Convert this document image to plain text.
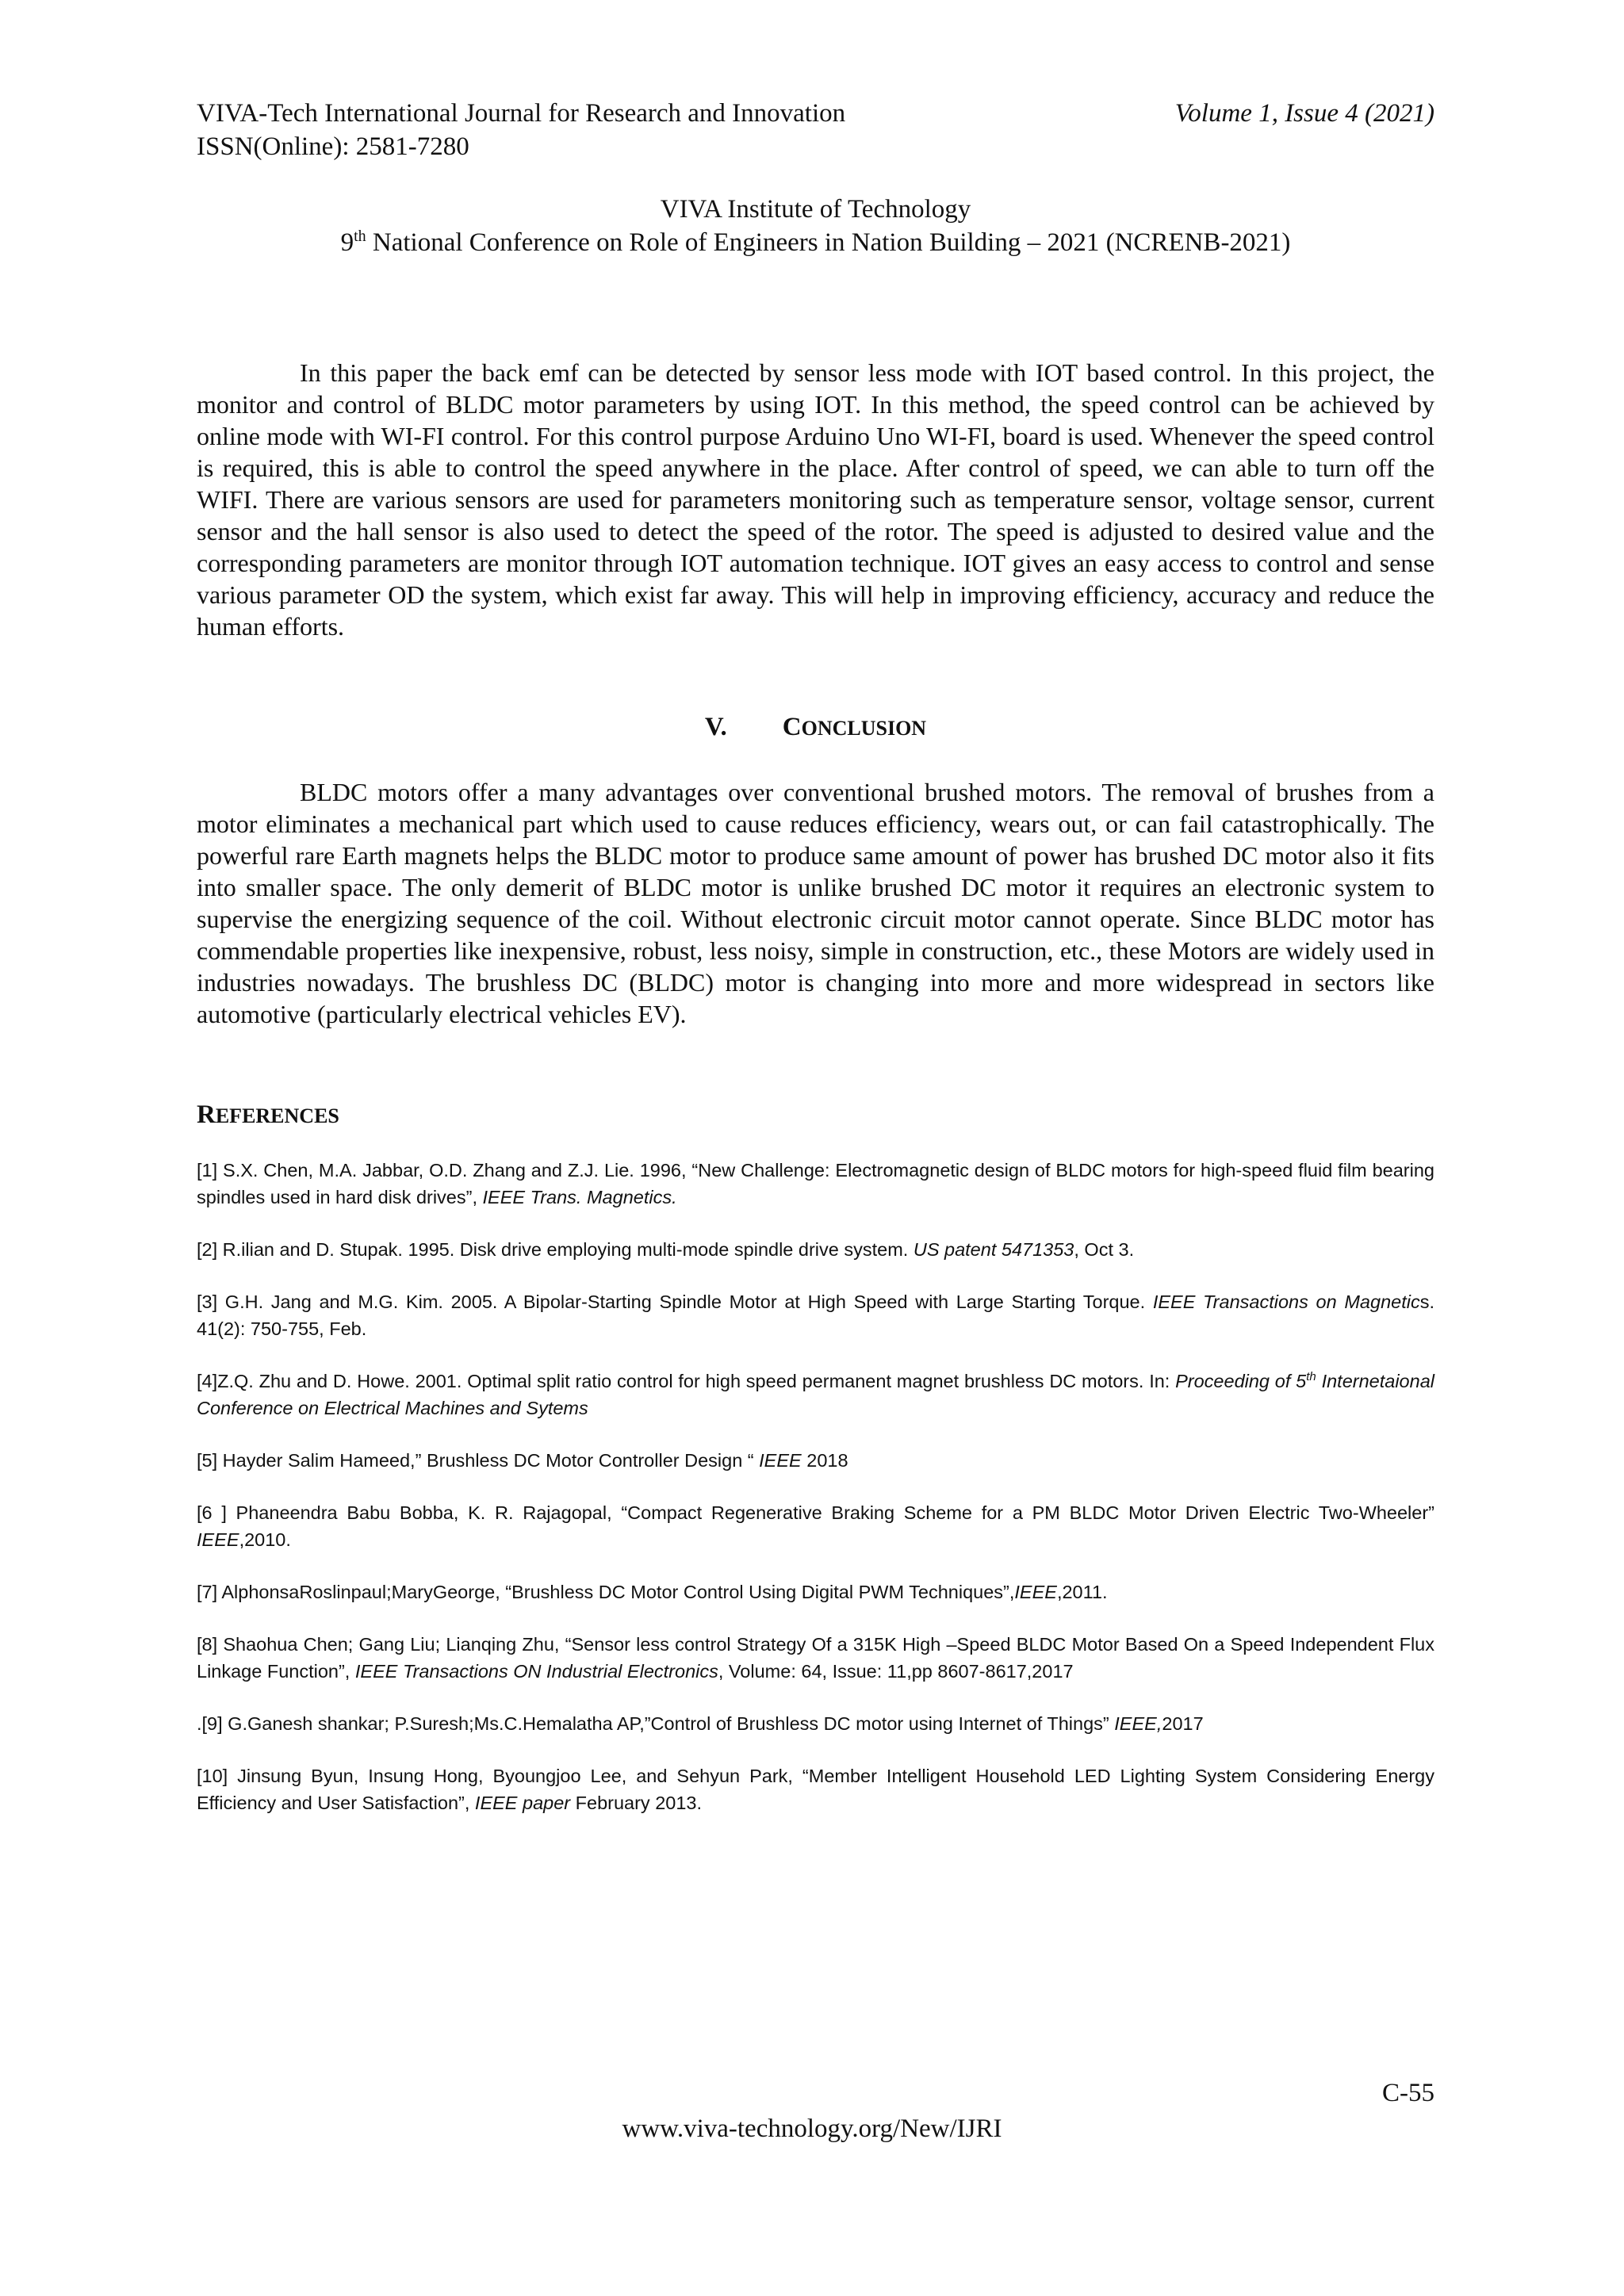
VIVA-Tech International Journal for Research and Innovation
ISSN(Online): 2581-7280
Volume 1, Issue 4 (2021)
VIVA Institute of Technology
9th National Conference on Role of Engineers in Nation Building – 2021 (NCRENB-2021)

In this paper the back emf can be detected by sensor less mode with IOT based control. In this project, the monitor and control of BLDC motor parameters by using IOT. In this method, the speed control can be achieved by online mode with WI-FI control. For this control purpose Arduino Uno WI-FI, board is used. Whenever the speed control is required, this is able to control the speed anywhere in the place. After control of speed, we can able to turn off the WIFI. There are various sensors are used for parameters monitoring such as temperature sensor, voltage sensor, current sensor and the hall sensor is also used to detect the speed of the rotor. The speed is adjusted to desired value and the corresponding parameters are monitor through IOT automation technique. IOT gives an easy access to control and sense various parameter OD the system, which exist far away. This will help in improving efficiency, accuracy and reduce the human efforts.

V. CONCLUSION

BLDC motors offer a many advantages over conventional brushed motors. The removal of brushes from a motor eliminates a mechanical part which used to cause reduces efficiency, wears out, or can fail catastrophically. The powerful rare Earth magnets helps the BLDC motor to produce same amount of power has brushed DC motor also it fits into smaller space. The only demerit of BLDC motor is unlike brushed DC motor it requires an electronic system to supervise the energizing sequence of the coil. Without electronic circuit motor cannot operate. Since BLDC motor has commendable properties like inexpensive, robust, less noisy, simple in construction, etc., these Motors are widely used in industries nowadays. The brushless DC (BLDC) motor is changing into more and more widespread in sectors like automotive (particularly electrical vehicles EV).

REFERENCES

[1] S.X. Chen, M.A. Jabbar, O.D. Zhang and Z.J. Lie. 1996, “New Challenge: Electromagnetic design of BLDC motors for high-speed fluid film bearing spindles used in hard disk drives”, IEEE Trans. Magnetics.

[2] R.ilian and D. Stupak. 1995. Disk drive employing multi-mode spindle drive system. US patent 5471353, Oct 3.

[3] G.H. Jang and M.G. Kim. 2005. A Bipolar-Starting Spindle Motor at High Speed with Large Starting Torque. IEEE Transactions on Magnetics. 41(2): 750-755, Feb.

[4]Z.Q. Zhu and D. Howe. 2001. Optimal split ratio control for high speed permanent magnet brushless DC motors. In: Proceeding of 5th Internetaional Conference on Electrical Machines and Sytems

[5] Hayder Salim Hameed,” Brushless DC Motor Controller Design “ IEEE 2018

[6 ] Phaneendra Babu Bobba, K. R. Rajagopal, “Compact Regenerative Braking Scheme for a PM BLDC Motor Driven Electric Two-Wheeler” IEEE,2010.

[7] AlphonsaRoslinpaul;MaryGeorge, “Brushless DC Motor Control Using Digital PWM Techniques”,IEEE,2011.

[8] Shaohua Chen; Gang Liu; Lianqing Zhu, “Sensor less control Strategy Of a 315K High –Speed BLDC Motor Based On a Speed Independent Flux Linkage Function”, IEEE Transactions ON Industrial Electronics, Volume: 64, Issue: 11,pp 8607-8617,2017

.[9] G.Ganesh shankar; P.Suresh;Ms.C.Hemalatha AP,”Control of Brushless DC motor using Internet of Things” IEEE,2017

[10] Jinsung Byun, Insung Hong, Byoungjoo Lee, and Sehyun Park, “Member Intelligent Household LED Lighting System Considering Energy Efficiency and User Satisfaction”, IEEE paper February 2013.

C-55
www.viva-technology.org/New/IJRI
